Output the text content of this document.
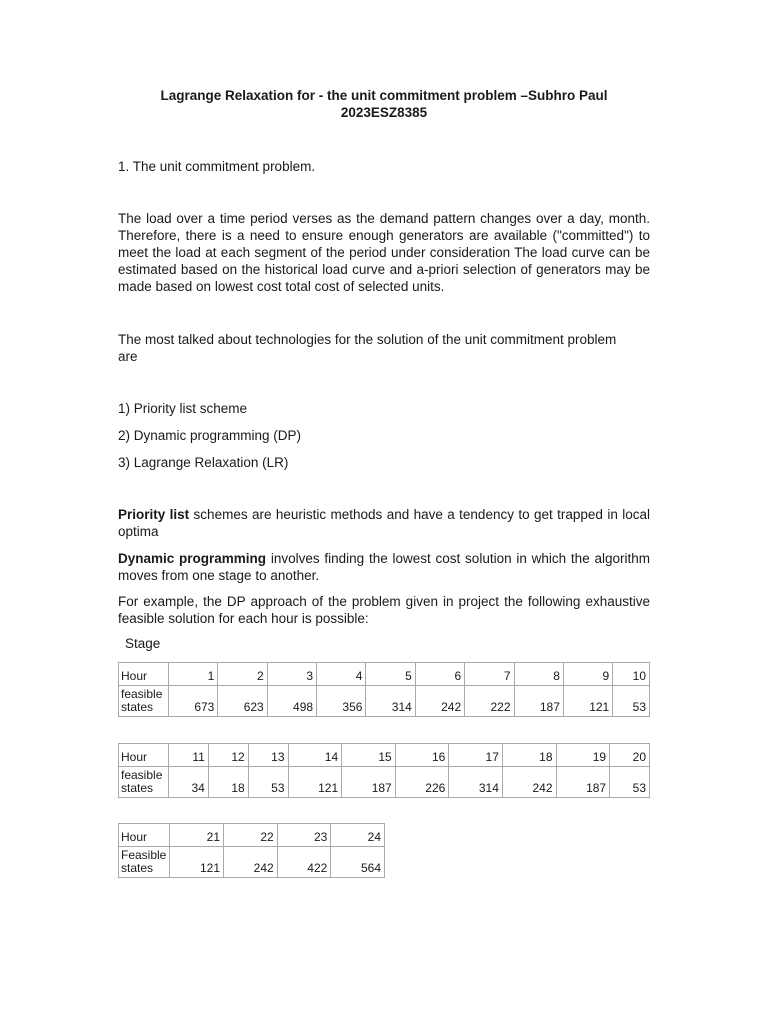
Lagrange Relaxation for - the unit commitment problem –Subhro Paul
2023ESZ8385
1. The unit commitment problem.
The load over a time period verses as the demand pattern changes over a day, month. Therefore, there is a need to ensure enough generators are available ("committed") to meet the load at each segment of the period under consideration The load curve can be estimated based on the historical load curve and a-priori selection of generators may be made based on lowest cost total cost of selected units.
The most talked about technologies for the solution of the unit commitment problem
are
1) Priority list scheme
2) Dynamic programming (DP)
3) Lagrange Relaxation (LR)
Priority list schemes are heuristic methods and have a tendency to get trapped in local optima
Dynamic programming involves finding the lowest cost solution in which the algorithm moves from one stage to another.
For example, the DP approach of the problem given in project the following exhaustive feasible solution for each hour is possible:
Stage
Hour	1	2	3	4	5	6	7	8	9	10
feasible states	673	623	498	356	314	242	222	187	121	53
Hour	11	12	13	14	15	16	17	18	19	20
feasible states	34	18	53	121	187	226	314	242	187	53
Hour	21	22	23	24
Feasible states	121	242	422	564
